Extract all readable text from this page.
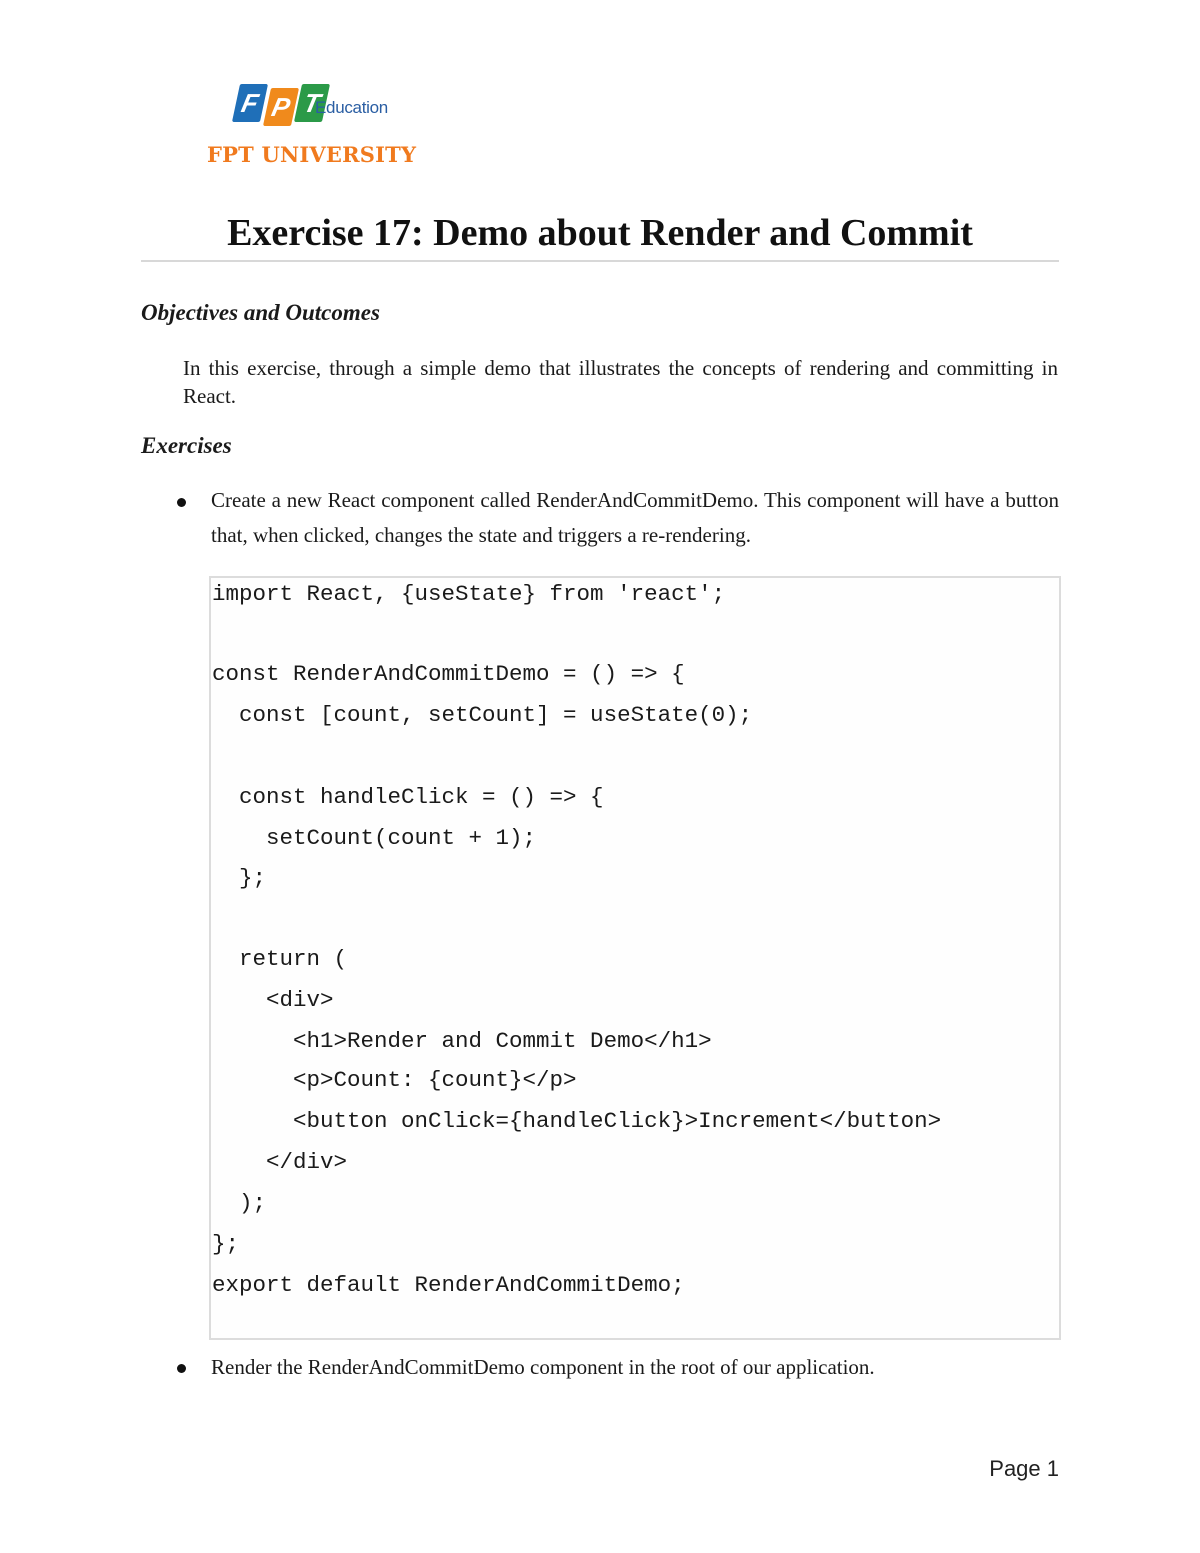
F P T
Education
FPT UNIVERSITY
Exercise 17: Demo about Render and Commit
Objectives and Outcomes

In this exercise, through a simple demo that illustrates the concepts of rendering and committing in React.

Exercises

Create a new React component called RenderAndCommitDemo. This component will have a button that, when clicked, changes the state and triggers a re-rendering.

import React, {useState} from 'react';
const RenderAndCommitDemo = () => {
const [count, setCount] = useState(0);
const handleClick = () => {
setCount(count + 1);
};
return (
<div>
<h1>Render and Commit Demo</h1>
<p>Count: {count}</p>
<button onClick={handleClick}>Increment</button>
</div>
);
};
export default RenderAndCommitDemo;

Render the RenderAndCommitDemo component in the root of our application.

Page 1
